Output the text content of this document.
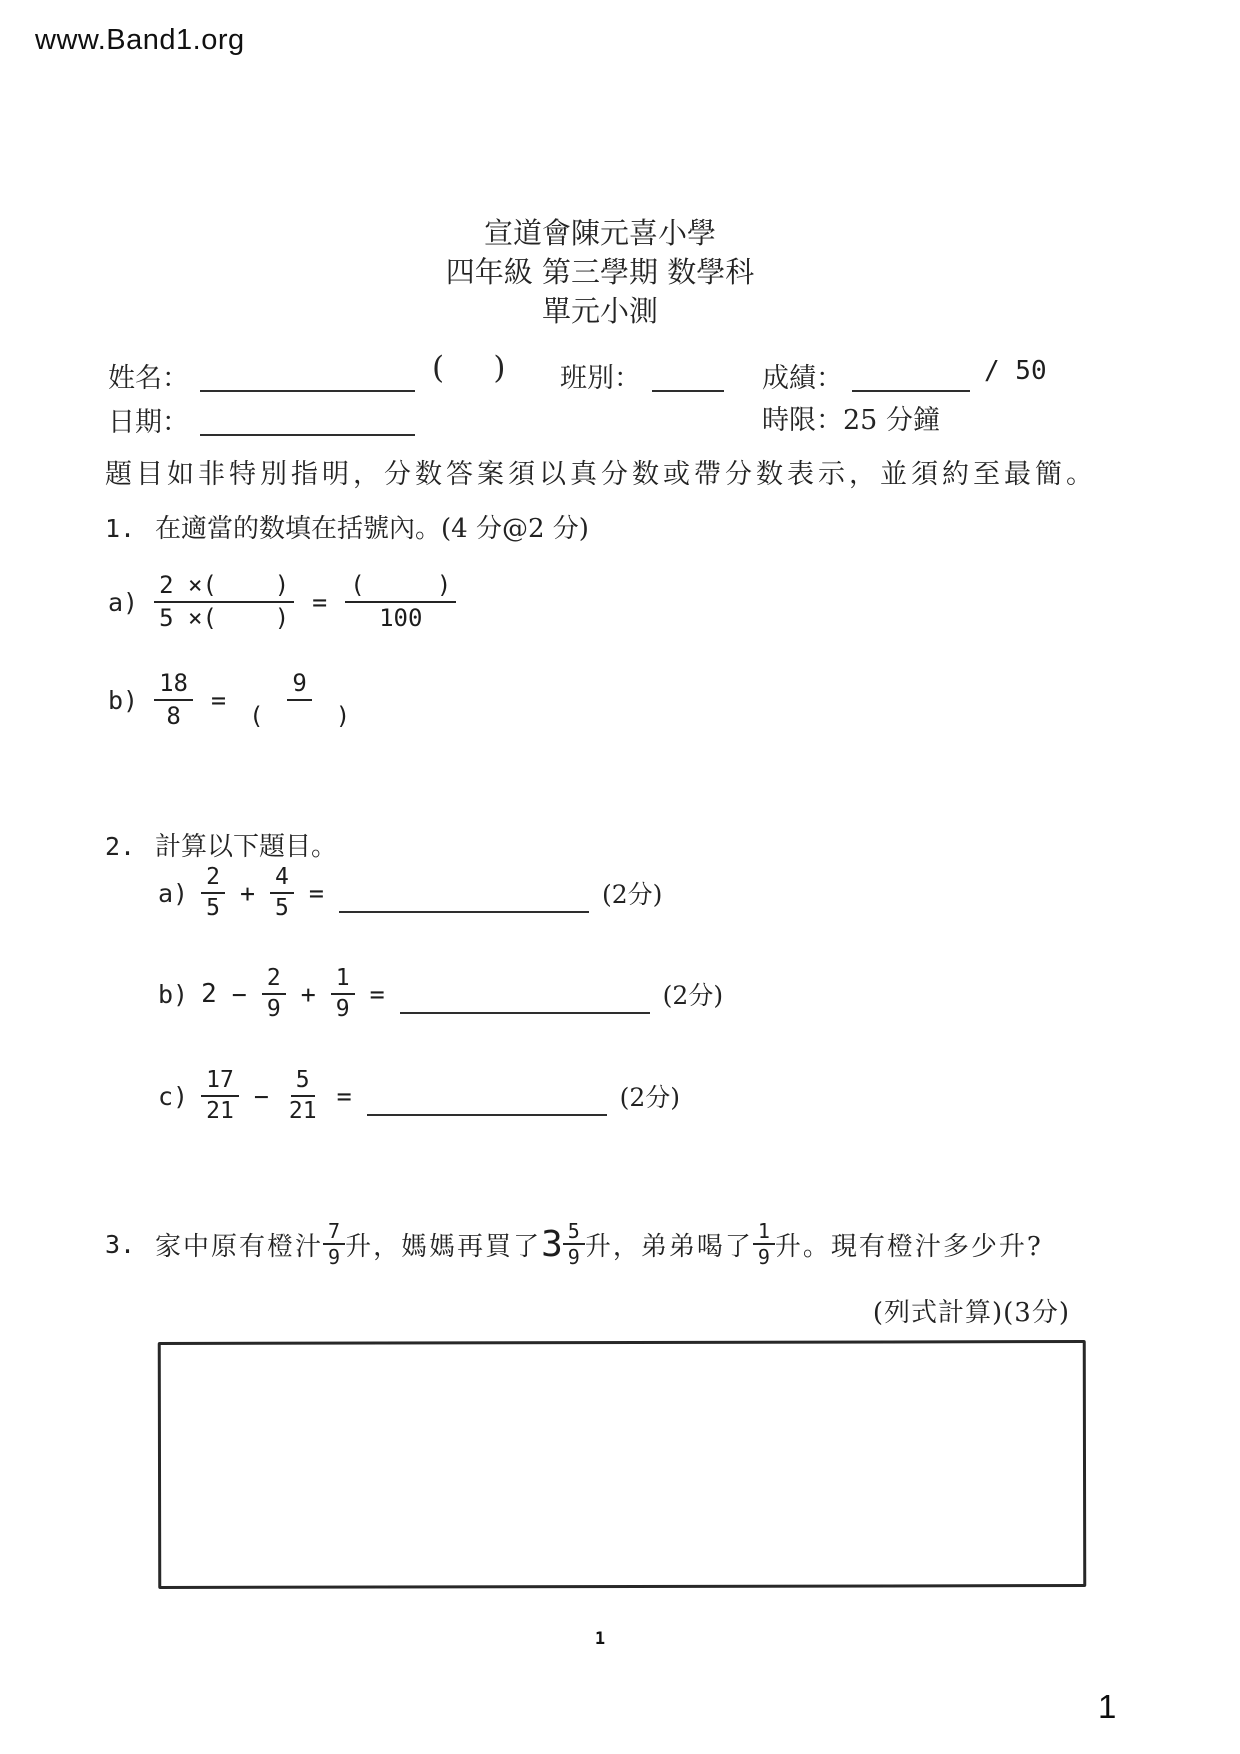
www.Band1.org
宣道會陳元喜小學
四年級 第三學期 数學科
單元小測
姓名：	(     ) 班別：	成績：	/ 50
日期：	時限：25 分鐘
題目如非特別指明，分数答案須以真分数或帶分数表示，並須約至最簡。
1. 在適當的数填在括號內。(4 分@2 分)
$a) \frac{2 \times( )}{5 \times( )} = \frac{( )}{100}$
$b) \frac{18}{8} = \frac{9}{( )}$
2. 計算以下題目。
$a) \frac{2}{5} + \frac{4}{5}$ =	(2分)
b) $2 - \frac{2}{9} + \frac{1}{9}$ =	(2分)
$c) \frac{17}{21} - \frac{5}{21}$ =	(2分)
3. 家中原有橙汁 $\frac{7}{9}$ 升，媽媽再買了 $3 \frac{5}{9}$ 升，弟弟喝了 $\frac{1}{9}$ 升。現有橙汁多少升?
(列式計算)(3分)
1
1
